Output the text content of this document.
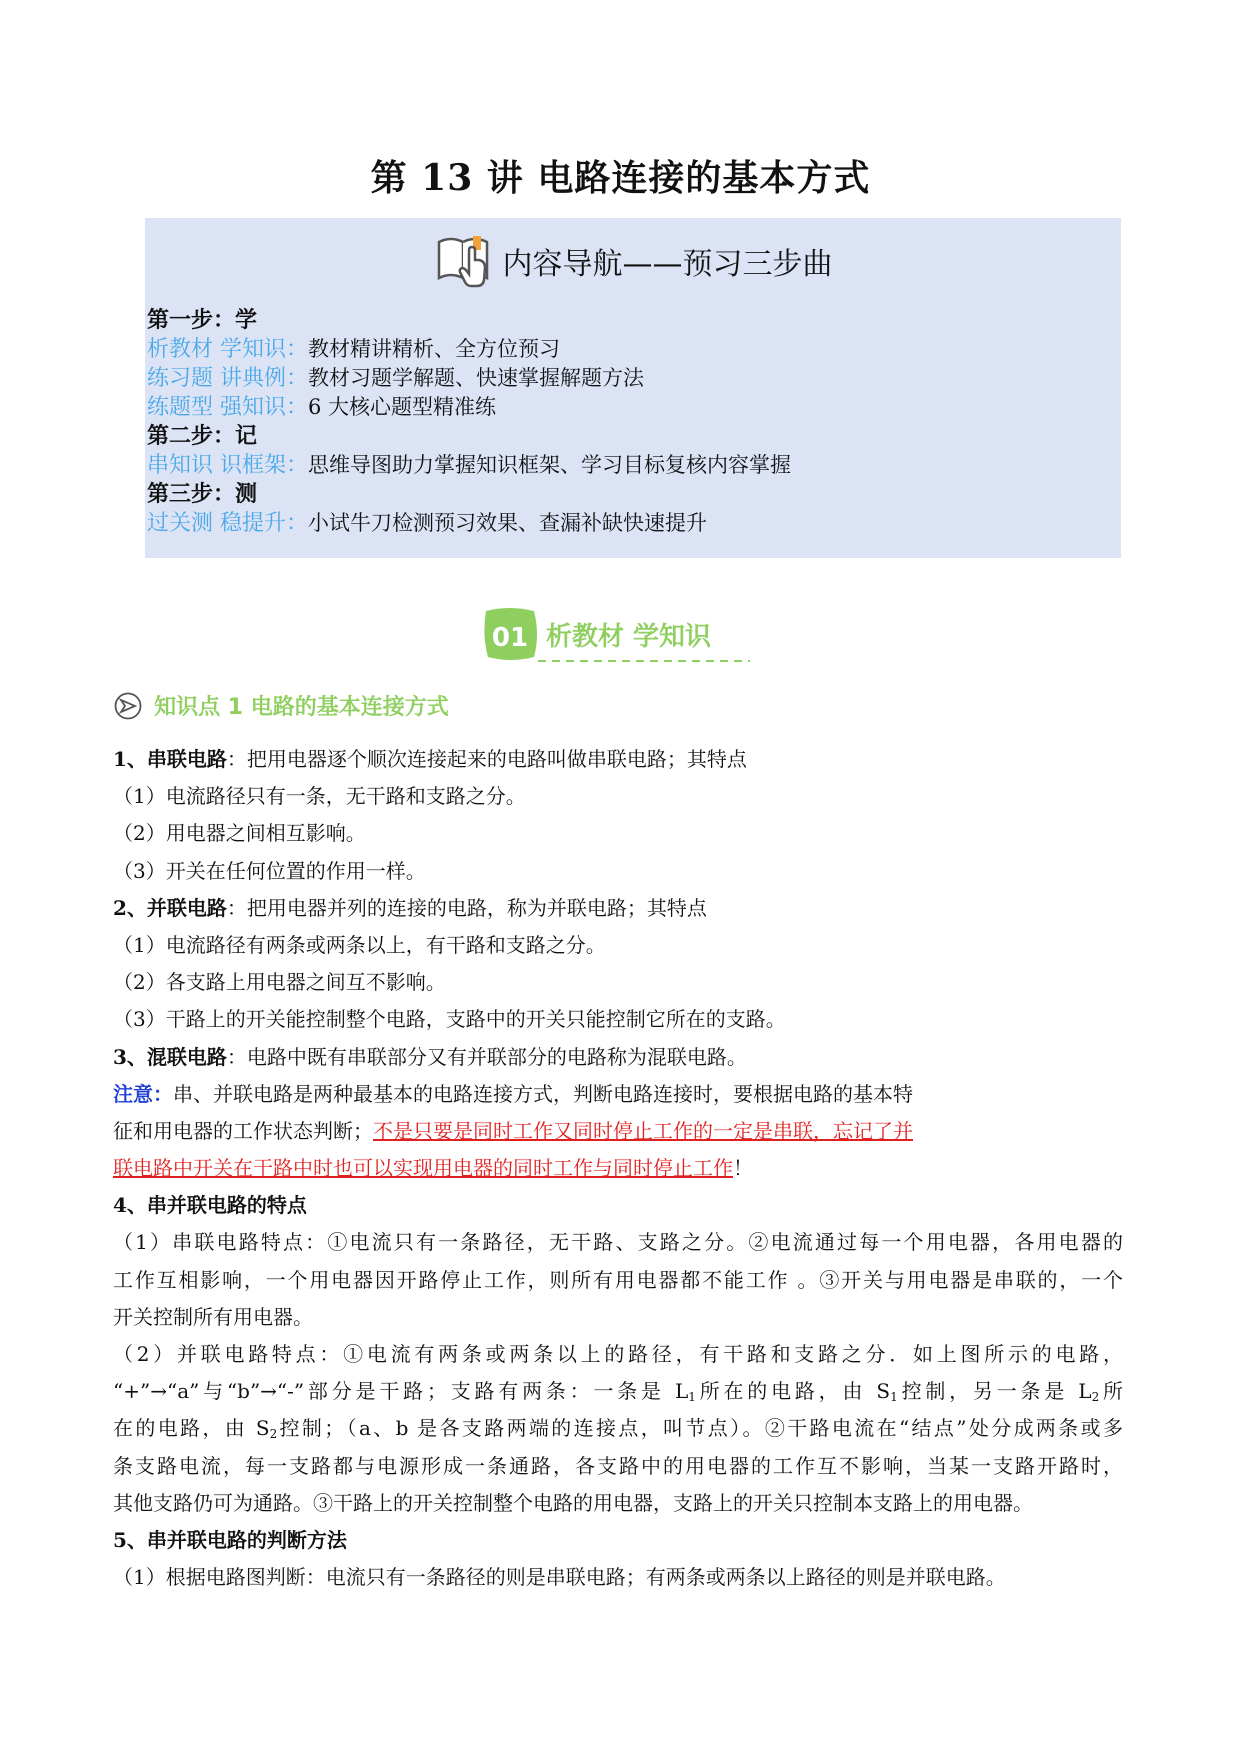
第 13 讲 电路连接的基本方式
内容导航——预习三步曲
第一步：学
析教材 学知识：教材精讲精析、全方位预习
练习题 讲典例：教材习题学解题、快速掌握解题方法
练题型 强知识：6 大核心题型精准练
第二步：记
串知识 识框架：思维导图助力掌握知识框架、学习目标复核内容掌握
第三步：测
过关测 稳提升：小试牛刀检测预习效果、查漏补缺快速提升
01 析教材 学知识
知识点 1 电路的基本连接方式
1、串联电路：把用电器逐个顺次连接起来的电路叫做串联电路；其特点
（1）电流路径只有一条，无干路和支路之分。
（2）用电器之间相互影响。
（3）开关在任何位置的作用一样。
2、并联电路：把用电器并列的连接的电路，称为并联电路；其特点
（1）电流路径有两条或两条以上，有干路和支路之分。
（2）各支路上用电器之间互不影响。
（3）干路上的开关能控制整个电路，支路中的开关只能控制它所在的支路。
3、混联电路：电路中既有串联部分又有并联部分的电路称为混联电路。
注意：串、并联电路是两种最基本的电路连接方式，判断电路连接时，要根据电路的基本特
征和用电器的工作状态判断；不是只要是同时工作又同时停止工作的一定是串联，忘记了并
联电路中开关在干路中时也可以实现用电器的同时工作与同时停止工作！
4、串并联电路的特点
（1）串联电路特点：①电流只有一条路径，无干路、支路之分。②电流通过每一个用电器，各用电器的
工作互相影响，一个用电器因开路停止工作，则所有用电器都不能工作 。③开关与用电器是串联的，一个
开关控制所有用电器。
（2）并联电路特点：①电流有两条或两条以上的路径，有干路和支路之分．如上图所示的电路，
“+”→“a”与“b”→“-”部分是干路；支路有两条：一条是 $L_1$所在的电路，由 $S_1$控制，另一条是 $L_2$所
在的电路，由 $S_2$控制；（a、b 是各支路两端的连接点，叫节点）。②干路电流在“结点”处分成两条或多
条支路电流，每一支路都与电源形成一条通路，各支路中的用电器的工作互不影响，当某一支路开路时，
其他支路仍可为通路。③干路上的开关控制整个电路的用电器，支路上的开关只控制本支路上的用电器。
5、串并联电路的判断方法
（1）根据电路图判断：电流只有一条路径的则是串联电路；有两条或两条以上路径的则是并联电路。
